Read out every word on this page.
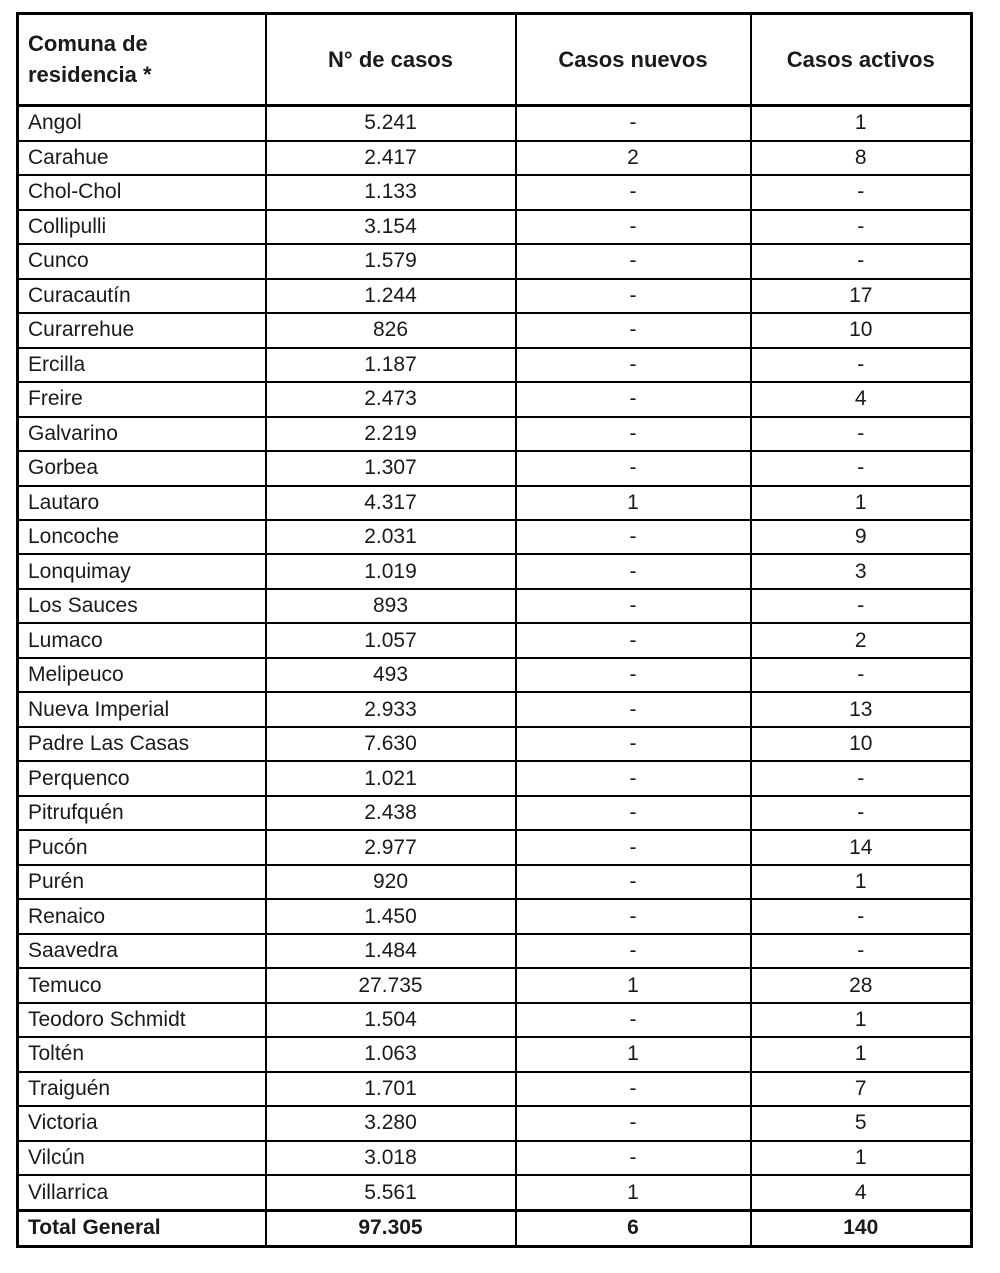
Comuna de residencia *	N° de casos	Casos nuevos	Casos activos
Angol	5.241	-	1
Carahue	2.417	2	8
Chol-Chol	1.133	-	-
Collipulli	3.154	-	-
Cunco	1.579	-	-
Curacautín	1.244	-	17
Curarrehue	826	-	10
Ercilla	1.187	-	-
Freire	2.473	-	4
Galvarino	2.219	-	-
Gorbea	1.307	-	-
Lautaro	4.317	1	1
Loncoche	2.031	-	9
Lonquimay	1.019	-	3
Los Sauces	893	-	-
Lumaco	1.057	-	2
Melipeuco	493	-	-
Nueva Imperial	2.933	-	13
Padre Las Casas	7.630	-	10
Perquenco	1.021	-	-
Pitrufquén	2.438	-	-
Pucón	2.977	-	14
Purén	920	-	1
Renaico	1.450	-	-
Saavedra	1.484	-	-
Temuco	27.735	1	28
Teodoro Schmidt	1.504	-	1
Toltén	1.063	1	1
Traiguén	1.701	-	7
Victoria	3.280	-	5
Vilcún	3.018	-	1
Villarrica	5.561	1	4
Total General	97.305	6	140
